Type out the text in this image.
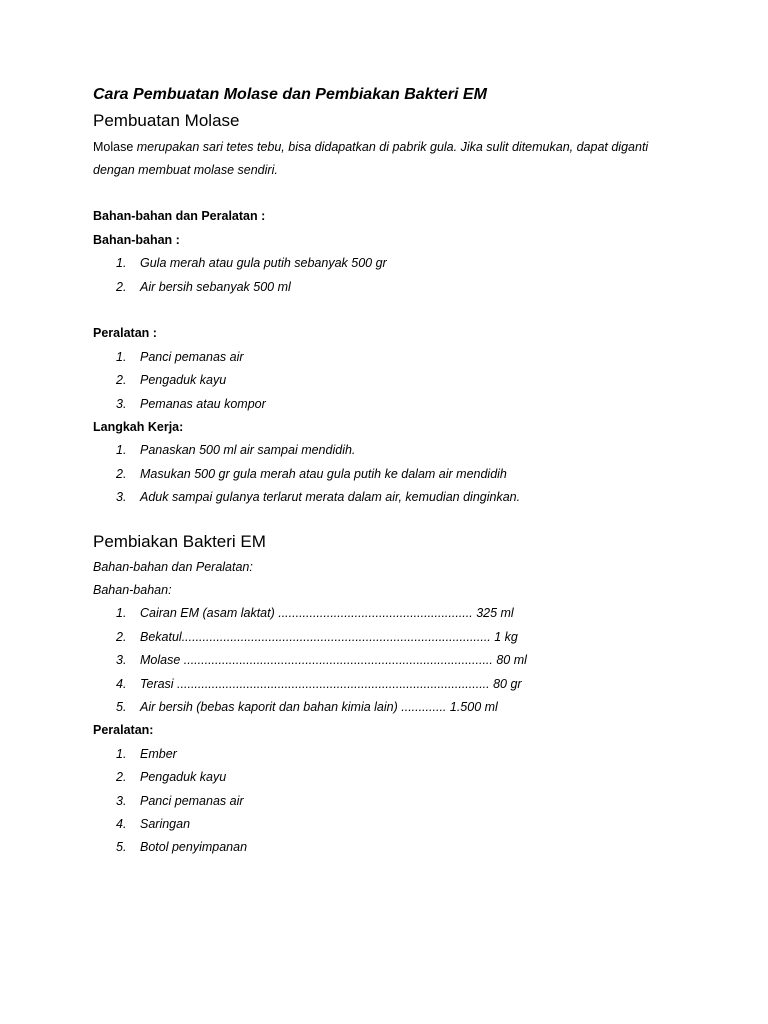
Cara Pembuatan Molase dan Pembiakan Bakteri EM
Pembuatan Molase
Molase merupakan sari tetes tebu, bisa didapatkan di pabrik gula. Jika sulit ditemukan, dapat diganti
dengan membuat molase sendiri.
Bahan-bahan dan Peralatan :
Bahan-bahan :
1. Gula merah atau gula putih sebanyak 500 gr
2. Air bersih sebanyak 500 ml
Peralatan :
1. Panci pemanas air
2. Pengaduk kayu
3. Pemanas atau kompor
Langkah Kerja:
1. Panaskan 500 ml air sampai mendidih.
2. Masukan 500 gr gula merah atau gula putih ke dalam air mendidih
3. Aduk sampai gulanya terlarut merata dalam air, kemudian dinginkan.
Pembiakan Bakteri EM
Bahan-bahan dan Peralatan:
Bahan-bahan:
1. Cairan EM (asam laktat) ........................................................ 325 ml
2. Bekatul......................................................................................... 1 kg
3. Molase ......................................................................................... 80 ml
4. Terasi .......................................................................................... 80 gr
5. Air bersih (bebas kaporit dan bahan kimia lain) ............. 1.500 ml
Peralatan:
1. Ember
2. Pengaduk kayu
3. Panci pemanas air
4. Saringan
5. Botol penyimpanan
